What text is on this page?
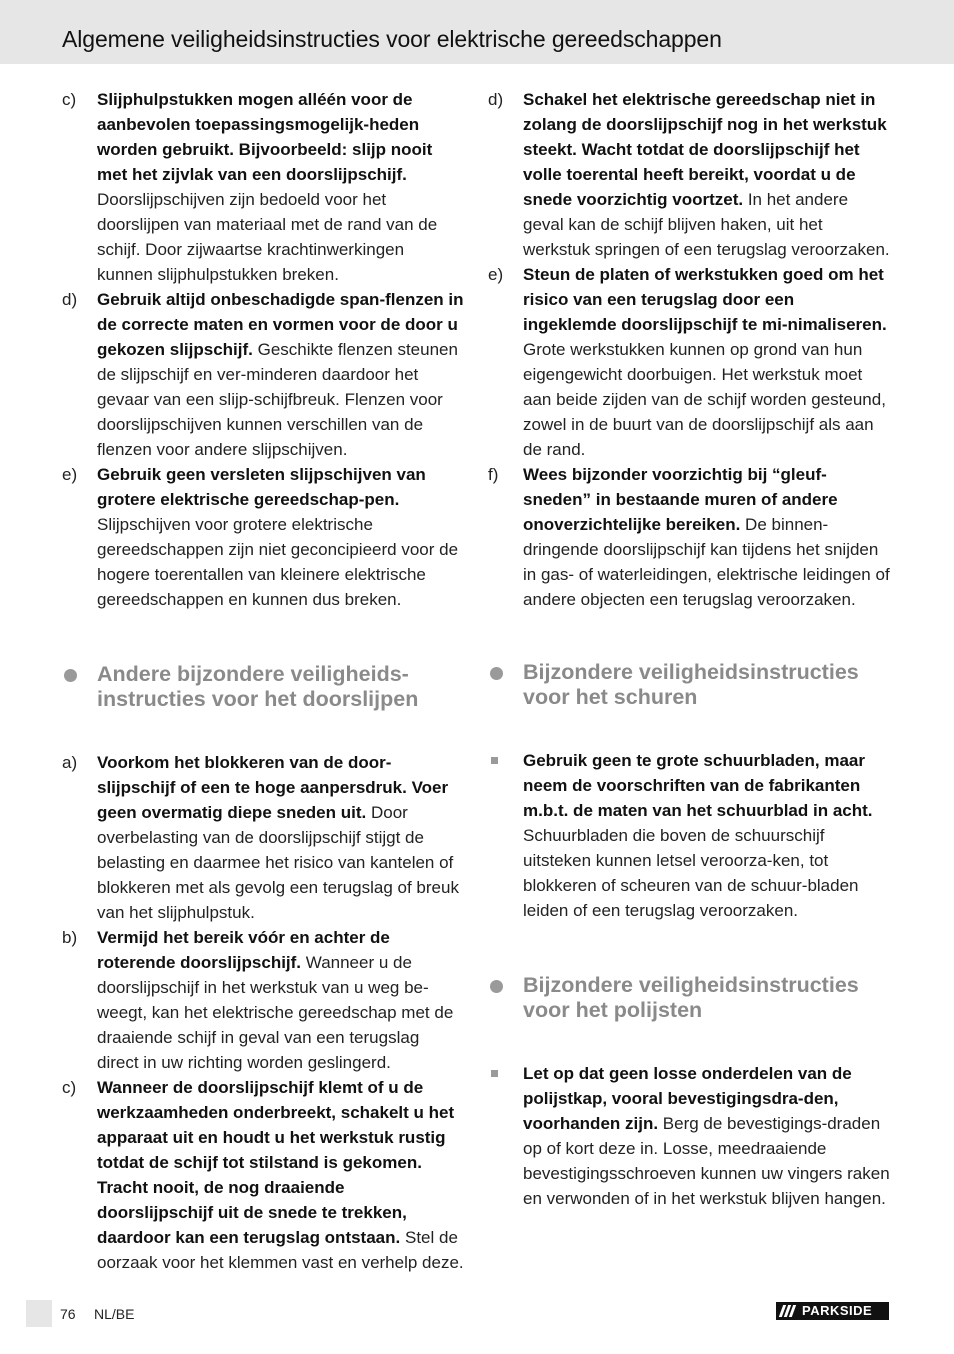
Algemene veiligheidsinstructies voor elektrische gereedschappen
c) Slijphulpstukken mogen alléén voor de aanbevolen toepassingsmogelijk-heden worden gebruikt. Bijvoorbeeld: slijp nooit met het zijvlak van een doorslijpschijf. Doorslijpschijven zijn bedoeld voor het doorslijpen van materiaal met de rand van de schijf. Door zijwaartse krachtinwerkingen kunnen slijphulpstukken breken.
d) Gebruik altijd onbeschadigde span-flenzen in de correcte maten en vormen voor de door u gekozen slijpschijf. Geschikte flenzen steunen de slijpschijf en ver-minderen daardoor het gevaar van een slijp-schijfbreuk. Flenzen voor doorslijpschijven kunnen verschillen van de flenzen voor andere slijpschijven.
e) Gebruik geen versleten slijpschijven van grotere elektrische gereedschap-pen. Slijpschijven voor grotere elektrische gereedschappen zijn niet geconcipieerd voor de hogere toerentallen van kleinere elektrische gereedschappen en kunnen dus breken.
Andere bijzondere veiligheids-instructies voor het doorslijpen
a) Voorkom het blokkeren van de door-slijpschijf of een te hoge aanpersdruk. Voer geen overmatig diepe sneden uit. Door overbelasting van de doorslijpschijf stijgt de belasting en daarmee het risico van kantelen of blokkeren met als gevolg een terugslag of breuk van het slijphulpstuk.
b) Vermijd het bereik vóór en achter de roterende doorslijpschijf. Wanneer u de doorslijpschijf in het werkstuk van u weg be-weegt, kan het elektrische gereedschap met de draaiende schijf in geval van een terugslag direct in uw richting worden geslingerd.
c) Wanneer de doorslijpschijf klemt of u de werkzaamheden onderbreekt, schakelt u het apparaat uit en houdt u het werkstuk rustig totdat de schijf tot stilstand is gekomen. Tracht nooit, de nog draaiende doorslijpschijf uit de snede te trekken, daardoor kan een terugslag ontstaan. Stel de oorzaak voor het klemmen vast en verhelp deze.
d) Schakel het elektrische gereedschap niet in zolang de doorslijpschijf nog in het werkstuk steekt. Wacht totdat de doorslijpschijf het volle toerental heeft bereikt, voordat u de snede voorzichtig voortzet. In het andere geval kan de schijf blijven haken, uit het werkstuk springen of een terugslag veroorzaken.
e) Steun de platen of werkstukken goed om het risico van een terugslag door een ingeklemde doorslijpschijf te mi-nimaliseren. Grote werkstukken kunnen op grond van hun eigengewicht doorbuigen. Het werkstuk moet aan beide zijden van de schijf worden gesteund, zowel in de buurt van de doorslijpschijf als aan de rand.
f) Wees bijzonder voorzichtig bij “gleuf-sneden” in bestaande muren of andere onoverzichtelijke bereiken. De binnen-dringende doorslijpschijf kan tijdens het snijden in gas- of waterleidingen, elektrische leidingen of andere objecten een terugslag veroorzaken.
Bijzondere veiligheidsinstructies voor het schuren
Gebruik geen te grote schuurbladen, maar neem de voorschriften van de fabrikanten m.b.t. de maten van het schuurblad in acht. Schuurbladen die boven de schuurschijf uitsteken kunnen letsel veroorza-ken, tot blokkeren of scheuren van de schuur-bladen leiden of een terugslag veroorzaken.
Bijzondere veiligheidsinstructies voor het polijsten
Let op dat geen losse onderdelen van de polijstkap, vooral bevestigingsdra-den, voorhanden zijn. Berg de bevestigings-draden op of kort deze in. Losse, meedraaiende bevestigingsschroeven kunnen uw vingers raken en verwonden of in het werkstuk blijven hangen.
76 NL/BE	PARKSIDE
